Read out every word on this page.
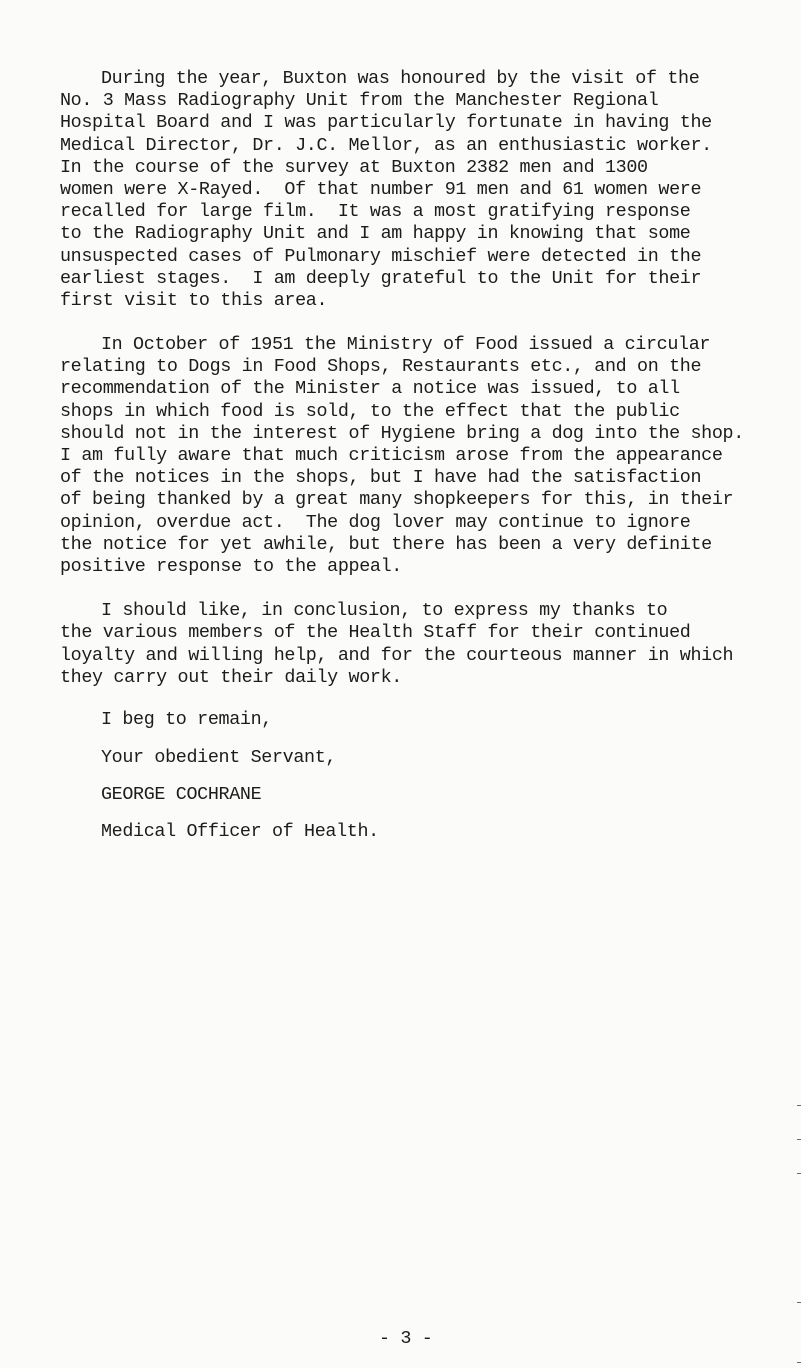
During the year, Buxton was honoured by the visit of the
No. 3 Mass Radiography Unit from the Manchester Regional
Hospital Board and I was particularly fortunate in having the
Medical Director, Dr. J.C. Mellor, as an enthusiastic worker.
In the course of the survey at Buxton 2382 men and 1300
women were X-Rayed.  Of that number 91 men and 61 women were
recalled for large film.  It was a most gratifying response
to the Radiography Unit and I am happy in knowing that some
unsuspected cases of Pulmonary mischief were detected in the
earliest stages.  I am deeply grateful to the Unit for their
first visit to this area.
In October of 1951 the Ministry of Food issued a circular
relating to Dogs in Food Shops, Restaurants etc., and on the
recommendation of the Minister a notice was issued, to all
shops in which food is sold, to the effect that the public
should not in the interest of Hygiene bring a dog into the shop.
I am fully aware that much criticism arose from the appearance
of the notices in the shops, but I have had the satisfaction
of being thanked by a great many shopkeepers for this, in their
opinion, overdue act.  The dog lover may continue to ignore
the notice for yet awhile, but there has been a very definite
positive response to the appeal.
I should like, in conclusion, to express my thanks to
the various members of the Health Staff for their continued
loyalty and willing help, and for the courteous manner in which
they carry out their daily work.
I beg to remain,
Your obedient Servant,
GEORGE COCHRANE
Medical Officer of Health.
- 3 -
